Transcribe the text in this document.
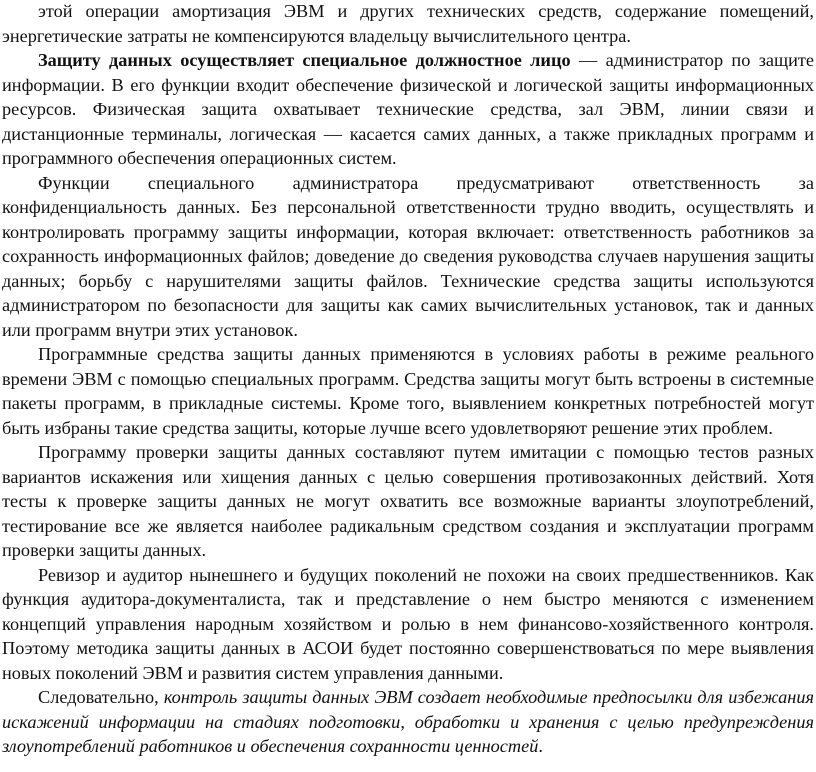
этой операции амортизация ЭВМ и других технических средств, содержание помещений, энергетические затраты не компенсируются владельцу вычислительного центра.

Защиту данных осуществляет специальное должностное лицо — администратор по защите информации. В его функции входит обеспечение физической и логической защиты информационных ресурсов. Физическая защита охватывает технические средства, зал ЭВМ, линии связи и дистанционные терминалы, логическая — касается самих данных, а также прикладных программ и программного обеспечения операционных систем.

Функции специального администратора предусматривают ответственность за конфиденциальность данных. Без персональной ответственности трудно вводить, осуществлять и контролировать программу защиты информации, которая включает: ответственность работников за сохранность информационных файлов; доведение до сведения руководства случаев нарушения защиты данных; борьбу с нарушителями защиты файлов. Технические средства защиты используются администратором по безопасности для защиты как самих вычислительных установок, так и данных или программ внутри этих установок.

Программные средства защиты данных применяются в условиях работы в режиме реального времени ЭВМ с помощью специальных программ. Средства защиты могут быть встроены в системные пакеты программ, в прикладные системы. Кроме того, выявлением конкретных потребностей могут быть избраны такие средства защиты, которые лучше всего удовлетворяют решение этих проблем.

Программу проверки защиты данных составляют путем имитации с помощью тестов разных вариантов искажения или хищения данных с целью совершения противозаконных действий. Хотя тесты к проверке защиты данных не могут охватить все возможные варианты злоупотреблений, тестирование все же является наиболее радикальным средством создания и эксплуатации программ проверки защиты данных.

Ревизор и аудитор нынешнего и будущих поколений не похожи на своих предшественников. Как функция аудитора-документалиста, так и представление о нем быстро меняются с изменением концепций управления народным хозяйством и ролью в нем финансово-хозяйственного контроля. Поэтому методика защиты данных в АСОИ будет постоянно совершенствоваться по мере выявления новых поколений ЭВМ и развития систем управления данными.

Следовательно, контроль защиты данных ЭВМ создает необходимые предпосылки для избежания искажений информации на стадиях подготовки, обработки и хранения с целью предупреждения злоупотреблений работников и обеспечения сохранности ценностей.
